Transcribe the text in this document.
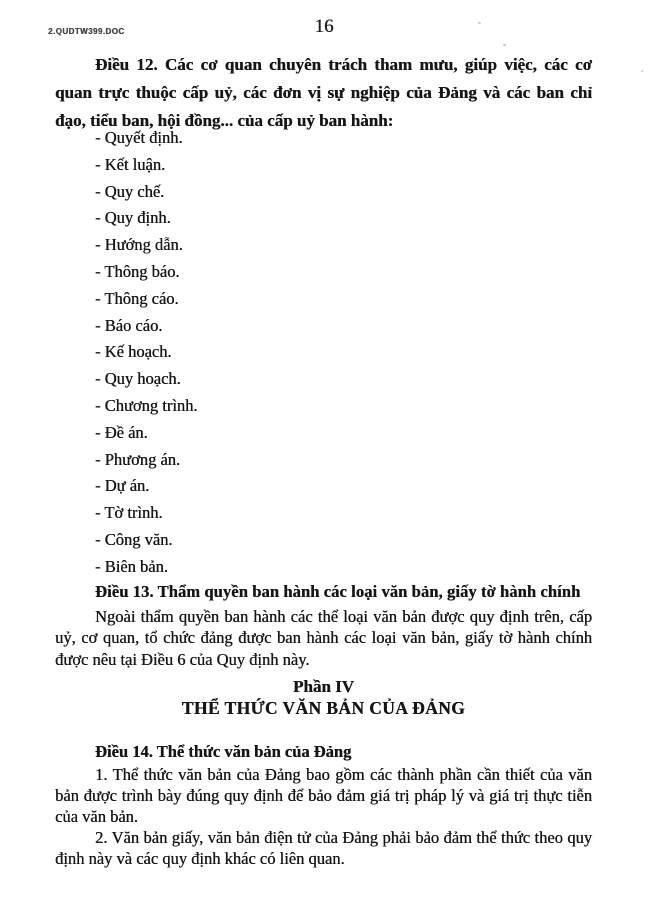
2.QUDTW399.DOC	16
Điều 12. Các cơ quan chuyên trách tham mưu, giúp việc, các cơ quan trực thuộc cấp uỷ, các đơn vị sự nghiệp của Đảng và các ban chỉ đạo, tiểu ban, hội đồng... của cấp uỷ ban hành:
- Quyết định.
- Kết luận.
- Quy chế.
- Quy định.
- Hướng dẫn.
- Thông báo.
- Thông cáo.
- Báo cáo.
- Kế hoạch.
- Quy hoạch.
- Chương trình.
- Đề án.
- Phương án.
- Dự án.
- Tờ trình.
- Công văn.
- Biên bản.
Điều 13. Thẩm quyền ban hành các loại văn bản, giấy tờ hành chính
Ngoài thẩm quyền ban hành các thể loại văn bản được quy định trên, cấp uỷ, cơ quan, tổ chức đảng được ban hành các loại văn bản, giấy tờ hành chính được nêu tại Điều 6 của Quy định này.
Phần IV
THỂ THỨC VĂN BẢN CỦA ĐẢNG
Điều 14. Thể thức văn bản của Đảng
1. Thể thức văn bản của Đảng bao gồm các thành phần cần thiết của văn bản được trình bày đúng quy định để bảo đảm giá trị pháp lý và giá trị thực tiễn của văn bản.
2. Văn bản giấy, văn bản điện tử của Đảng phải bảo đảm thể thức theo quy định này và các quy định khác có liên quan.
